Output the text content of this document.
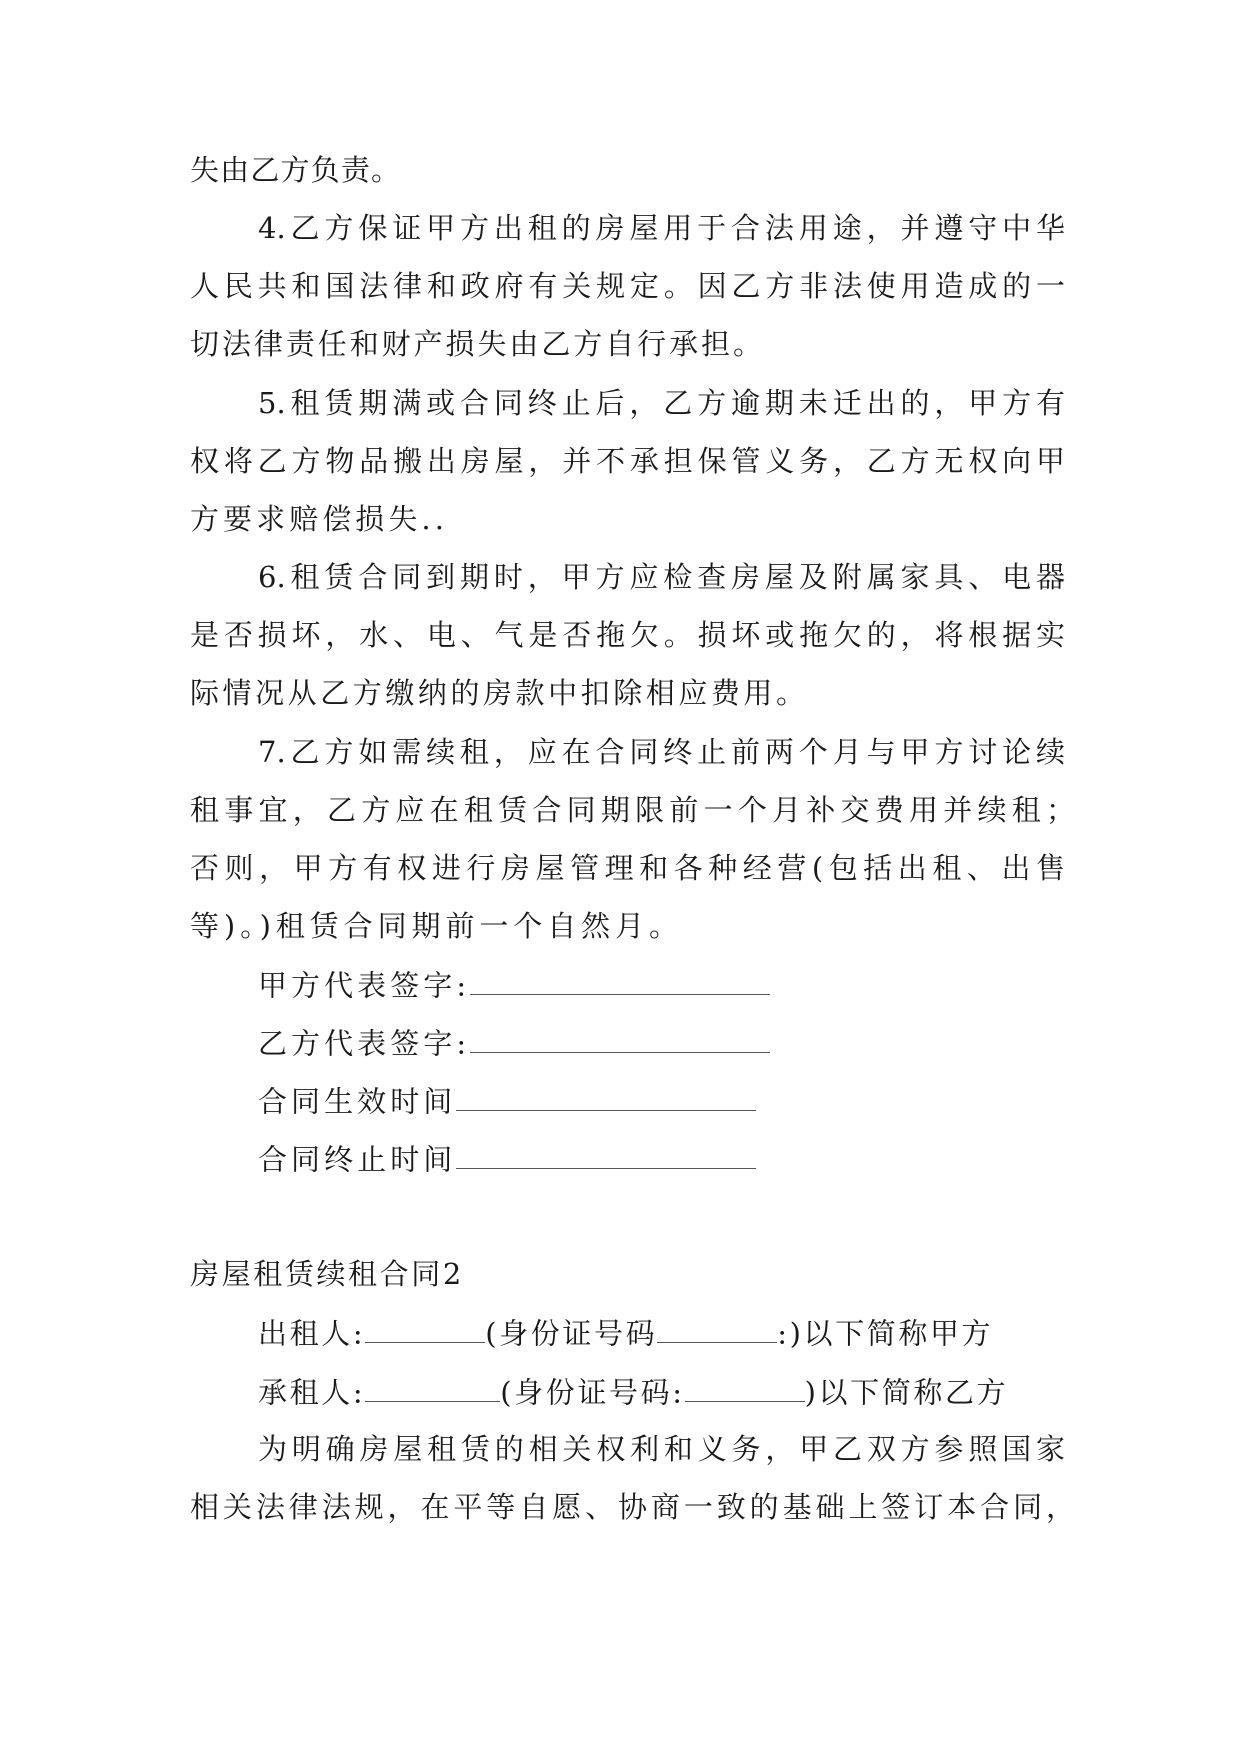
失由乙方负责。
4.乙方保证甲方出租的房屋用于合法用途，并遵守中华
人民共和国法律和政府有关规定。因乙方非法使用造成的一
切法律责任和财产损失由乙方自行承担。
5.租赁期满或合同终止后，乙方逾期未迁出的，甲方有
权将乙方物品搬出房屋，并不承担保管义务，乙方无权向甲
方要求赔偿损失..
6.租赁合同到期时，甲方应检查房屋及附属家具、电器
是否损坏，水、电、气是否拖欠。损坏或拖欠的，将根据实
际情况从乙方缴纳的房款中扣除相应费用。
7.乙方如需续租，应在合同终止前两个月与甲方讨论续
租事宜，乙方应在租赁合同期限前一个月补交费用并续租；
否则，甲方有权进行房屋管理和各种经营(包括出租、出售
等)。)租赁合同期前一个自然月。
甲方代表签字:
乙方代表签字:
合同生效时间
合同终止时间
房屋租赁续租合同2
出租人:	(身份证号码	:)以下简称甲方
承租人:	(身份证号码:	)以下简称乙方
为明确房屋租赁的相关权利和义务，甲乙双方参照国家
相关法律法规，在平等自愿、协商一致的基础上签订本合同，
